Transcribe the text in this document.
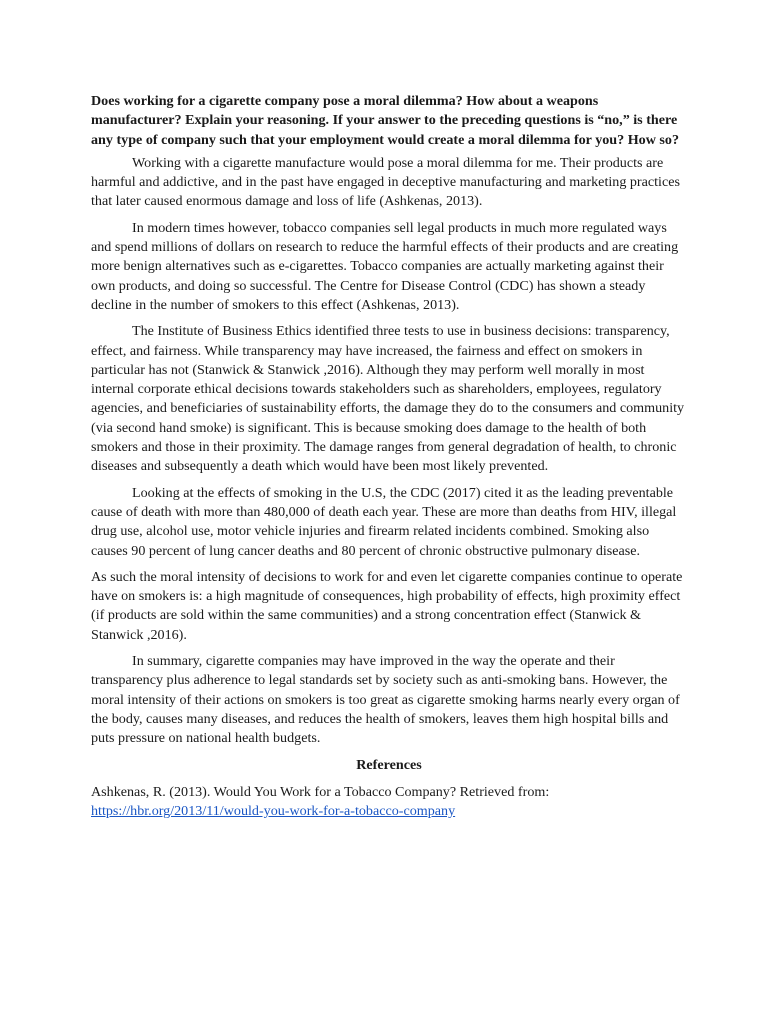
Does working for a cigarette company pose a moral dilemma? How about a weapons manufacturer? Explain your reasoning. If your answer to the preceding questions is “no,” is there any type of company such that your employment would create a moral dilemma for you? How so?

Working with a cigarette manufacture would pose a moral dilemma for me. Their products are harmful and addictive, and in the past have engaged in deceptive manufacturing and marketing practices that later caused enormous damage and loss of life (Ashkenas, 2013).

In modern times however, tobacco companies sell legal products in much more regulated ways and spend millions of dollars on research to reduce the harmful effects of their products and are creating more benign alternatives such as e-cigarettes. Tobacco companies are actually marketing against their own products, and doing so successful. The Centre for Disease Control (CDC) has shown a steady decline in the number of smokers to this effect (Ashkenas, 2013).

The Institute of Business Ethics identified three tests to use in business decisions: transparency, effect, and fairness. While transparency may have increased, the fairness and effect on smokers in particular has not (Stanwick & Stanwick ,2016). Although they may perform well morally in most internal corporate ethical decisions towards stakeholders such as shareholders, employees, regulatory agencies, and beneficiaries of sustainability efforts, the damage they do to the consumers and community (via second hand smoke) is significant. This is because smoking does damage to the health of both smokers and those in their proximity. The damage ranges from general degradation of health, to chronic diseases and subsequently a death which would have been most likely prevented.

Looking at the effects of smoking in the U.S, the CDC (2017) cited it as the leading preventable cause of death with more than 480,000 of death each year. These are more than deaths from HIV, illegal drug use, alcohol use, motor vehicle injuries and firearm related incidents combined. Smoking also causes 90 percent of lung cancer deaths and 80 percent of chronic obstructive pulmonary disease.

As such the moral intensity of decisions to work for and even let cigarette companies continue to operate have on smokers is: a high magnitude of consequences, high probability of effects, high proximity effect (if products are sold within the same communities) and a strong concentration effect (Stanwick & Stanwick ,2016).

In summary, cigarette companies may have improved in the way the operate and their transparency plus adherence to legal standards set by society such as anti-smoking bans. However, the moral intensity of their actions on smokers is too great as cigarette smoking harms nearly every organ of the body, causes many diseases, and reduces the health of smokers, leaves them high hospital bills and puts pressure on national health budgets.

References

Ashkenas, R. (2013). Would You Work for a Tobacco Company? Retrieved from:
https://hbr.org/2013/11/would-you-work-for-a-tobacco-company
